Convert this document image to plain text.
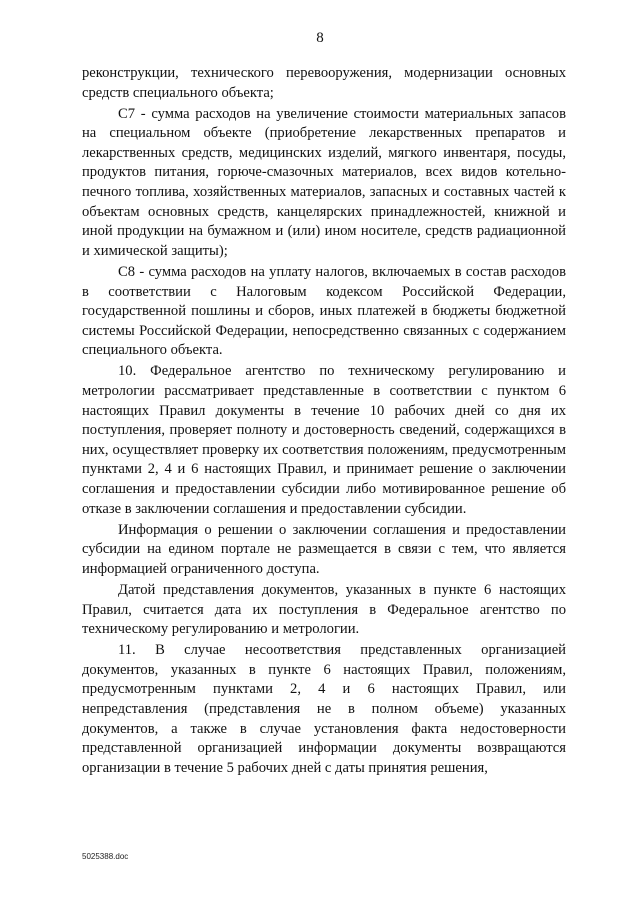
8

реконструкции, технического перевооружения, модернизации основных средств специального объекта;

С7 - сумма расходов на увеличение стоимости материальных запасов на специальном объекте (приобретение лекарственных препаратов и лекарственных средств, медицинских изделий, мягкого инвентаря, посуды, продуктов питания, горюче-смазочных материалов, всех видов котельно-печного топлива, хозяйственных материалов, запасных и составных частей к объектам основных средств, канцелярских принадлежностей, книжной и иной продукции на бумажном и (или) ином носителе, средств радиационной и химической защиты);

С8 - сумма расходов на уплату налогов, включаемых в состав расходов в соответствии с Налоговым кодексом Российской Федерации, государственной пошлины и сборов, иных платежей в бюджеты бюджетной системы Российской Федерации, непосредственно связанных с содержанием специального объекта.

10. Федеральное агентство по техническому регулированию и метрологии рассматривает представленные в соответствии с пунктом 6 настоящих Правил документы в течение 10 рабочих дней со дня их поступления, проверяет полноту и достоверность сведений, содержащихся в них, осуществляет проверку их соответствия положениям, предусмотренным пунктами 2, 4 и 6 настоящих Правил, и принимает решение о заключении соглашения и предоставлении субсидии либо мотивированное решение об отказе в заключении соглашения и предоставлении субсидии.

Информация о решении о заключении соглашения и предоставлении субсидии на едином портале не размещается в связи с тем, что является информацией ограниченного доступа.

Датой представления документов, указанных в пункте 6 настоящих Правил, считается дата их поступления в Федеральное агентство по техническому регулированию и метрологии.

11. В случае несоответствия представленных организацией документов, указанных в пункте 6 настоящих Правил, положениям, предусмотренным пунктами 2, 4 и 6 настоящих Правил, или непредставления (представления не в полном объеме) указанных документов, а также в случае установления факта недостоверности представленной организацией информации документы возвращаются организации в течение 5 рабочих дней с даты принятия решения,

5025388.doc
